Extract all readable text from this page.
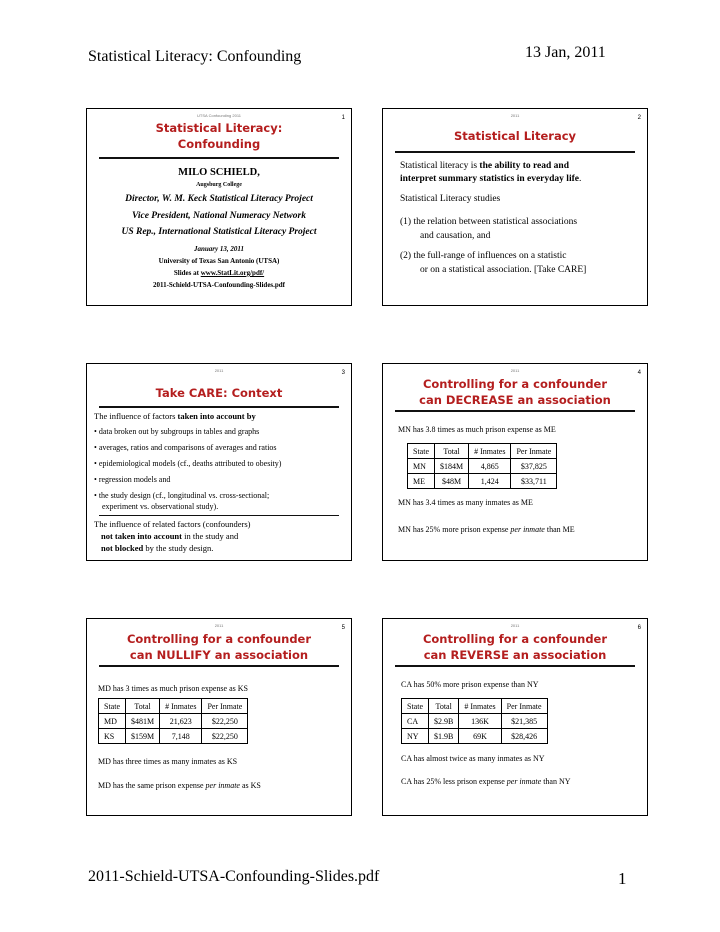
Statistical Literacy: Confounding	13 Jan, 2011
UTSA Confounding 2011	1
Statistical Literacy:
Confounding
MILO SCHIELD,
Augsburg College
Director, W. M. Keck Statistical Literacy Project
Vice President, National Numeracy Network
US Rep., International Statistical Literacy Project
January 13, 2011
University of Texas San Antonio (UTSA)
Slides at www.StatLit.org/pdf/
2011-Schield-UTSA-Confounding-Slides.pdf
2011	2
Statistical Literacy
Statistical literacy is the ability to read and
interpret summary statistics in everyday life.
Statistical Literacy studies
(1) the relation between statistical associations
and causation, and
(2) the full-range of influences on a statistic
or on a statistical association. [Take CARE]
2011	3
Take CARE: Context
The influence of factors taken into account by
• data broken out by subgroups in tables and graphs
• averages, ratios and comparisons of averages and ratios
• epidemiological models (cf., deaths attributed to obesity)
• regression models and
• the study design (cf., longitudinal vs. cross-sectional;
experiment vs. observational study).
The influence of related factors (confounders)
not taken into account in the study and
not blocked by the study design.
2011	4
Controlling for a confounder
can DECREASE an association
MN has 3.8 times as much prison expense as ME
State	Total	# Inmates	Per Inmate
MN	$184M	4,865	$37,825
ME	$48M	1,424	$33,711
MN has 3.4 times as many inmates as ME
MN has 25% more prison expense per inmate than ME
2011	5
Controlling for a confounder
can NULLIFY an association
MD has 3 times as much prison expense as KS
State	Total	# Inmates	Per Inmate
MD	$481M	21,623	$22,250
KS	$159M	7,148	$22,250
MD has three times as many inmates as KS
MD has the same prison expense per inmate as KS
2011	6
Controlling for a confounder
can REVERSE an association
CA has 50% more prison expense than NY
State	Total	# Inmates	Per Inmate
CA	$2.9B	136K	$21,385
NY	$1.9B	69K	$28,426
CA has almost twice as many inmates as NY
CA has 25% less prison expense per inmate than NY
2011-Schield-UTSA-Confounding-Slides.pdf	1
